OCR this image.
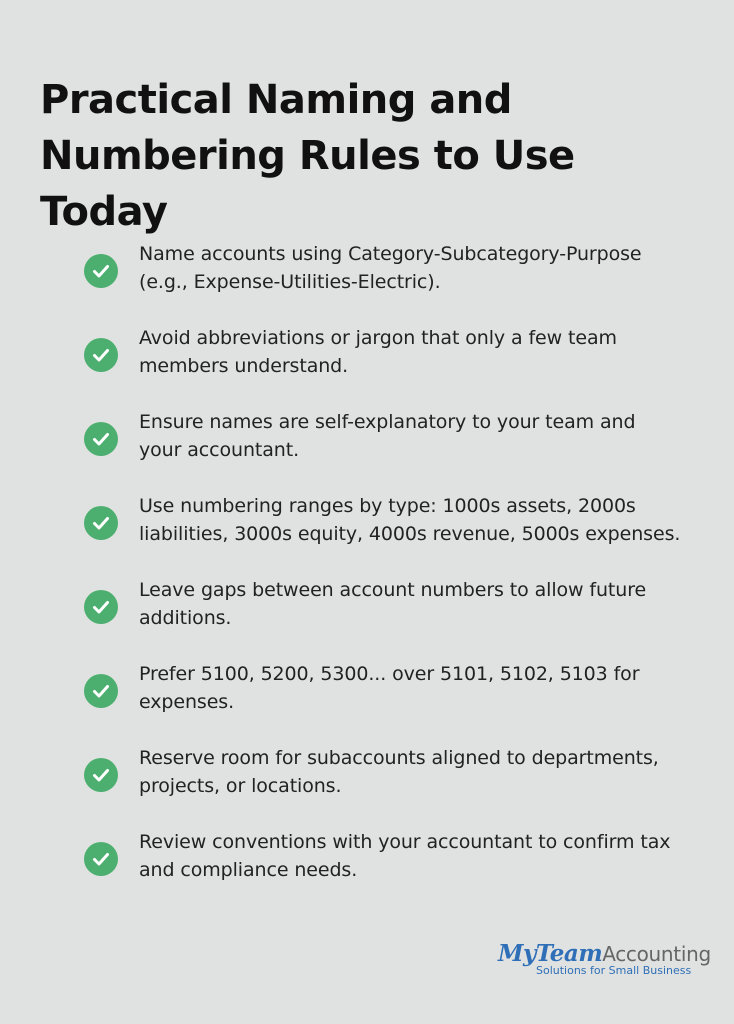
Practical Naming and
Numbering Rules to Use Today
Name accounts using Category-Subcategory-Purpose
(e.g., Expense-Utilities-Electric).
Avoid abbreviations or jargon that only a few team
members understand.
Ensure names are self-explanatory to your team and
your accountant.
Use numbering ranges by type: 1000s assets, 2000s
liabilities, 3000s equity, 4000s revenue, 5000s expenses.
Leave gaps between account numbers to allow future
additions.
Prefer 5100, 5200, 5300... over 5101, 5102, 5103 for
expenses.
Reserve room for subaccounts aligned to departments,
projects, or locations.
Review conventions with your accountant to confirm tax
and compliance needs.
MyTeamAccounting
Solutions for Small Business
